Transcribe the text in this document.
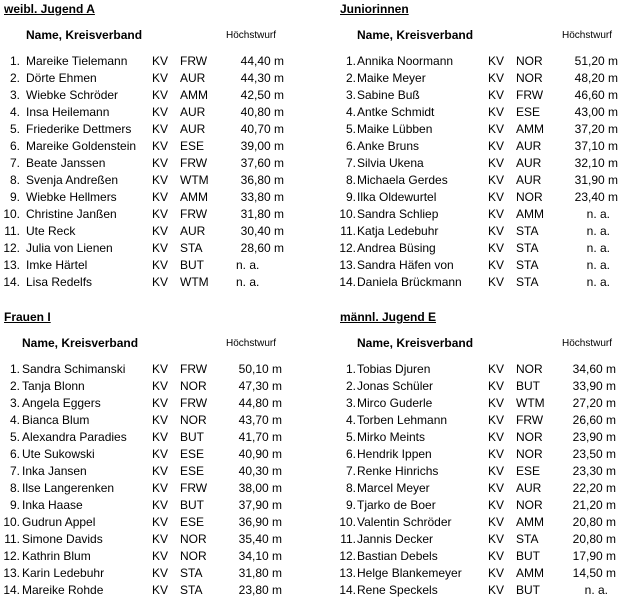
weibl. Jugend A
Name, Kreisverband	Höchstwurf
1. Mareike Tielemann KV FRW	44,40 m
2. Dörte Ehmen	KV AUR	44,30 m
3. Wiebke Schröder	KV AMM	42,50 m
4. Insa Heilemann	KV AUR	40,80 m
5. Friederike Dettmers KV AUR	40,70 m
6. Mareike Goldenstein KV ESE	39,00 m
7. Beate Janssen	KV FRW	37,60 m
8. Svenja Andreßen	KV WTM	36,80 m
9. Wiebke Hellmers	KV AMM	33,80 m
10. Christine Janßen	KV FRW	31,80 m
11. Ute Reck	KV AUR	30,40 m
12. Julia von Lienen	KV STA	28,60 m
13. Imke Härtel	KV BUT	n. a.
14. Lisa Redelfs	KV WTM n. a.
Juniorinnen
Name, Kreisverband	Höchstwurf
1. Annika Noormann	KV NOR	51,20 m
2. Maike Meyer	KV NOR	48,20 m
3. Sabine Buß	KV FRW	46,60 m
4. Antke Schmidt	KV ESE	43,00 m
5. Maike Lübben	KV AMM	37,20 m
6. Anke Bruns	KV AUR	37,10 m
7. Silvia Ukena	KV AUR	32,10 m
8. Michaela Gerdes	KV AUR	31,90 m
9. Ilka Oldewurtel	KV NOR	23,40 m
10. Sandra Schliep	KV AMM	n. a.
11. Katja Ledebuhr	KV STA	n. a.
12. Andrea Büsing	KV STA	n. a.
13. Sandra Häfen von	KV STA	n. a.
14. Daniela Brückmann KV STA	n. a.
Frauen I
Name, Kreisverband	Höchstwurf
1. Sandra Schimanski KV FRW	50,10 m
2. Tanja Blonn	KV NOR	47,30 m
3. Angela Eggers	KV FRW	44,80 m
4. Bianca Blum	KV NOR	43,70 m
5. Alexandra Paradies KV BUT	41,70 m
6. Ute Sukowski	KV ESE	40,90 m
7. Inka Jansen	KV ESE	40,30 m
8. Ilse Langerenken	KV FRW	38,00 m
9. Inka Haase	KV BUT	37,90 m
10. Gudrun Appel	KV ESE	36,90 m
11. Simone Davids	KV NOR	35,40 m
12. Kathrin Blum	KV NOR	34,10 m
13. Karin Ledebuhr	KV STA	31,80 m
14. Mareike Rohde	KV STA	23,80 m
männl. Jugend E
Name, Kreisverband	Höchstwurf
1. Tobias Djuren	KV NOR 34,60 m
2. Jonas Schüler	KV BUT	33,90 m
3. Mirco Guderle	KV WTM 27,20 m
4. Torben Lehmann	KV FRW 26,60 m
5. Mirko Meints	KV NOR 23,90 m
6. Hendrik Ippen	KV NOR 23,50 m
7. Renke Hinrichs	KV ESE	23,30 m
8. Marcel Meyer	KV AUR	22,20 m
9. Tjarko de Boer	KV NOR 21,20 m
10. Valentin Schröder	KV AMM 20,80 m
11. Jannis Decker	KV STA	20,80 m
12. Bastian Debels	KV BUT	17,90 m
13. Helge Blankemeyer KV AMM 14,50 m
14. Rene Speckels	KV BUT	n. a.
